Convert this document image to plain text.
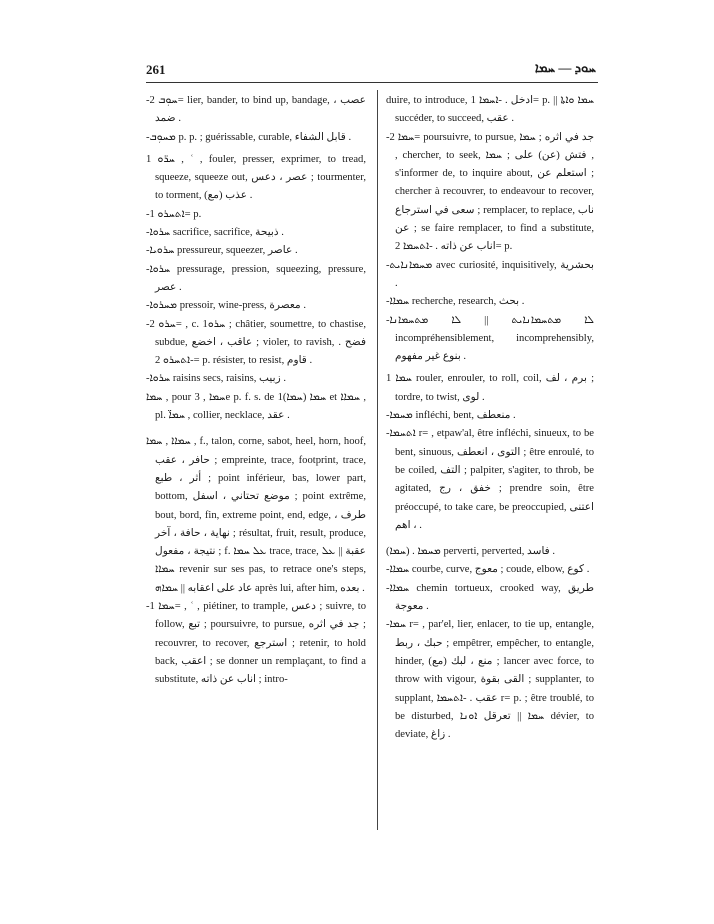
261	ܚܘܕ — ܚܡܐ

-ܚܘܼܒ 2= lier, bander, to bind up, bandage, عصب ، ضمد .

-ܡܚܘܼܒ p. p. ; guérissable, curable, قابل الشفاء .

ܚܪ̈ܘ 1 , ʿ , fouler, presser, exprimer, to tread, squeeze, squeeze out, عصر ، دعس ; tourmenter, to torment, (مع) عذب .

-ܐܬܚܪܘ 1= p.

-ܚܪܘܐ sacrifice, sacrifice, ذبيحة .

-ܚܪܘܝܐ pressureur, squeezer, عاصر .

-ܚܪܘܐ pressurage, pression, squeezing, pressure, عصر .

-ܡܚܪܘܐ pressoir, wine-press, معصرة .

-ܚܪܘ 2= , c. 1ܚܪܘ ; châtier, soumettre, to chastise, subdue, عاقب ، اخضع ; violer, to ravish, فضح . -ܐܬܚܪܘ 2= p. résister, to resist, قاوم .

-ܚܪܘܐ raisins secs, raisins, زبيب .

ܚܡܐ , pour ܚܡܐ , 3e p. f. s. de 1ܚܡܐ (ܚܡܐ) et ܚܡܐܐ , pl. ܚܡܐ̈ , collier, necklace, عقد .

ܚܡܐܐ , ܚܡܐ , f., talon, corne, sabot, heel, horn, hoof, حافر ، عقب ; empreinte, trace, footprint, trace, أثر ، طبع ; point inférieur, bas, lower part, bottom, موضع تحتاني ، اسفل ; point extrême, bout, bord, fin, extreme point, end, edge, طرف ، نهاية ، حافة ، آخر ; résultat, fruit, result, produce, نتيجة ، مفعول ; f. ܥܠ ܚܡܐ trace, trace, عقبة || ܥܠ ܚܡܐܐ revenir sur ses pas, to retrace one's steps, عاد على اعقابه || ܚܡܐܗ après lui, after him, بعده .

-ܚܡܐ 1= , ʿ , piétiner, to trample, دعس ; suivre, to follow, تبع ; poursuivre, to pursue, جد في اثره ; recouvrer, to recover, استرجع ; retenir, to hold back, اعقب ; se donner un remplaçant, to find a substitute, اناب عن ذاته ; intro-

duire, to introduce, ادخل . -ܐܚܡܐ 1= p. || ܚܡܐ ܘܐܬܐ succéder, to succeed, عقب .

-ܚܡܐ 2= poursuivre, to pursue, جد في اثره ; ܚܡܐ , chercher, to seek, فتش (عن) على ; ܚܡܐ , s'informer de, to inquire about, استعلم عن ; chercher à recouvrer, to endeavour to recover, سعى في استرجاع ; remplacer, to replace, ناب عن ; se faire remplacer, to find a substitute, اناب عن ذاته . -ܐܬܚܡܐ 2= p.

-ܡܚܡܐܢܐܝܬ avec curiosité, inquisitively, بحشرية .

-ܚܡܐܐ recherche, research, بحث .

-ܠܐ ܡܬܚܡܐܢܐܝܬ || ܠܐ ܡܬܚܡܐܢܐ incompréhensiblement, incomprehensibly, بنوع غير مفهوم .

ܚܡܐ 1 rouler, enrouler, to roll, coil, برم ، لف ; tordre, to twist, لوى .

-ܡܚܡܐ infléchi, bent, منعطف .

-ܐܬܚܡܐ r= , etpaw'al, être infléchi, sinueux, to be bent, sinuous, التوى ، انعطف ; être enroulé, to be coiled, التف ; palpiter, s'agiter, to throb, be agitated, خفق ، رج ; prendre soin, être préoccupé, to take care, be preoccupied, اعتنى ، اهم .

(ܚܡܐ) . ܡܚܡܐ perverti, perverted, فاسد .

-ܚܡܐܐ courbe, curve, معوج ; coude, elbow, كوع .

-ܚܡܐܐ chemin tortueux, crooked way, طريق معوجة .

-ܚܡܐ r= , par'el, lier, enlacer, to tie up, entangle, حبك ، ربط ; empêtrer, empêcher, to entangle, hinder, (مع) منع ، لبك ; lancer avec force, to throw with vigour, القى بقوة ; supplanter, to supplant, عقب . -ܐܬܚܡܐ r= p. ; être troublé, to be disturbed, ܚܡܐ || تعرقل ܐܘܢܐ dévier, to deviate, زاغ .
